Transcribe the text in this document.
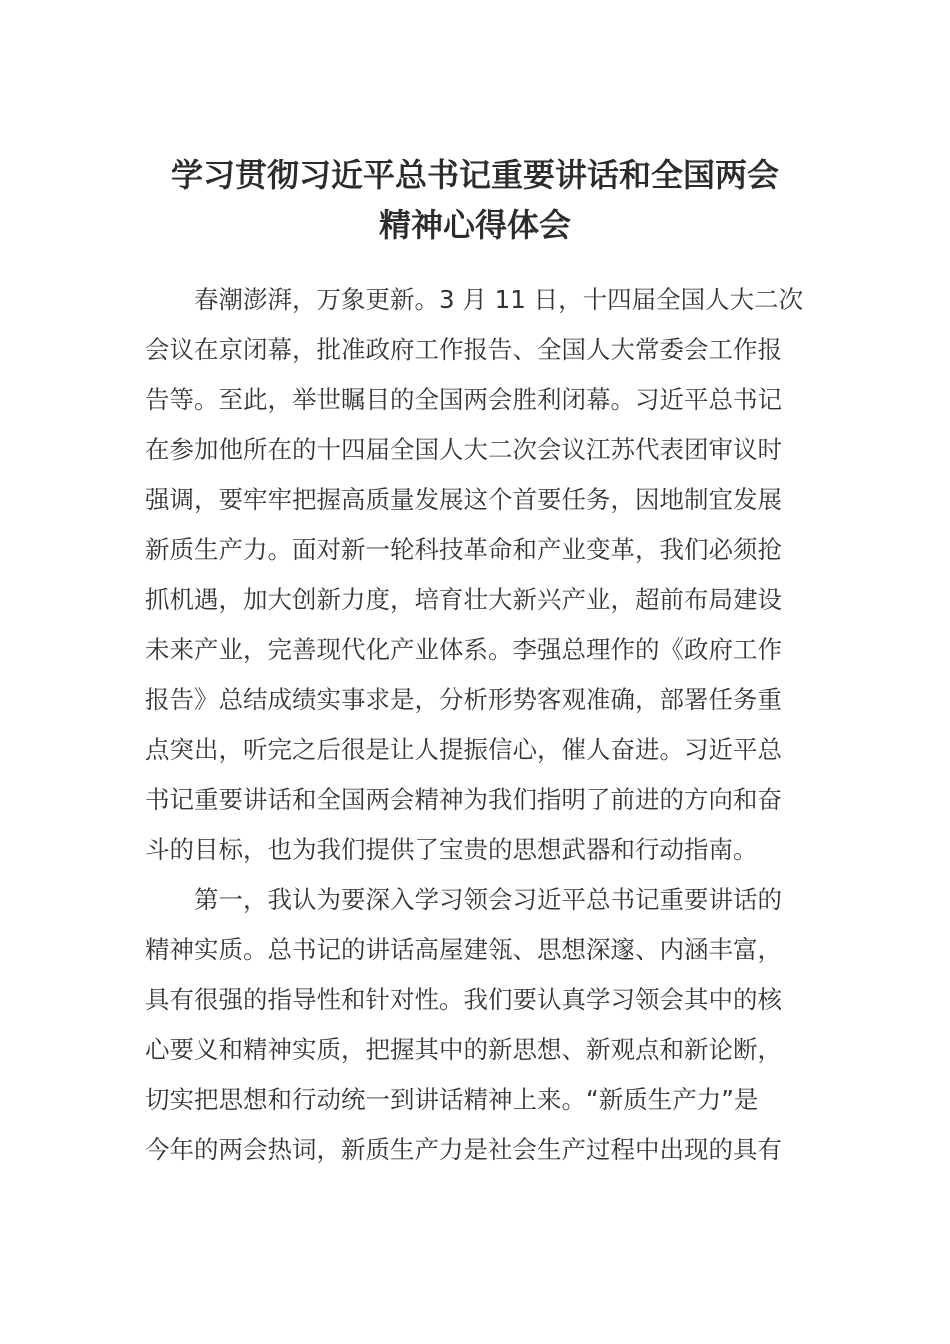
学习贯彻习近平总书记重要讲话和全国两会
精神心得体会
春潮澎湃，万象更新。3 月 11 日，十四届全国人大二次
会议在京闭幕，批准政府工作报告、全国人大常委会工作报
告等。至此，举世瞩目的全国两会胜利闭幕。习近平总书记
在参加他所在的十四届全国人大二次会议江苏代表团审议时
强调，要牢牢把握高质量发展这个首要任务，因地制宜发展
新质生产力。面对新一轮科技革命和产业变革，我们必须抢
抓机遇，加大创新力度，培育壮大新兴产业，超前布局建设
未来产业，完善现代化产业体系。李强总理作的《政府工作
报告》总结成绩实事求是，分析形势客观准确，部署任务重
点突出，听完之后很是让人提振信心，催人奋进。习近平总
书记重要讲话和全国两会精神为我们指明了前进的方向和奋
斗的目标，也为我们提供了宝贵的思想武器和行动指南。
第一，我认为要深入学习领会习近平总书记重要讲话的
精神实质。总书记的讲话高屋建瓴、思想深邃、内涵丰富，
具有很强的指导性和针对性。我们要认真学习领会其中的核
心要义和精神实质，把握其中的新思想、新观点和新论断，
切实把思想和行动统一到讲话精神上来。“新质生产力”是
今年的两会热词，新质生产力是社会生产过程中出现的具有
